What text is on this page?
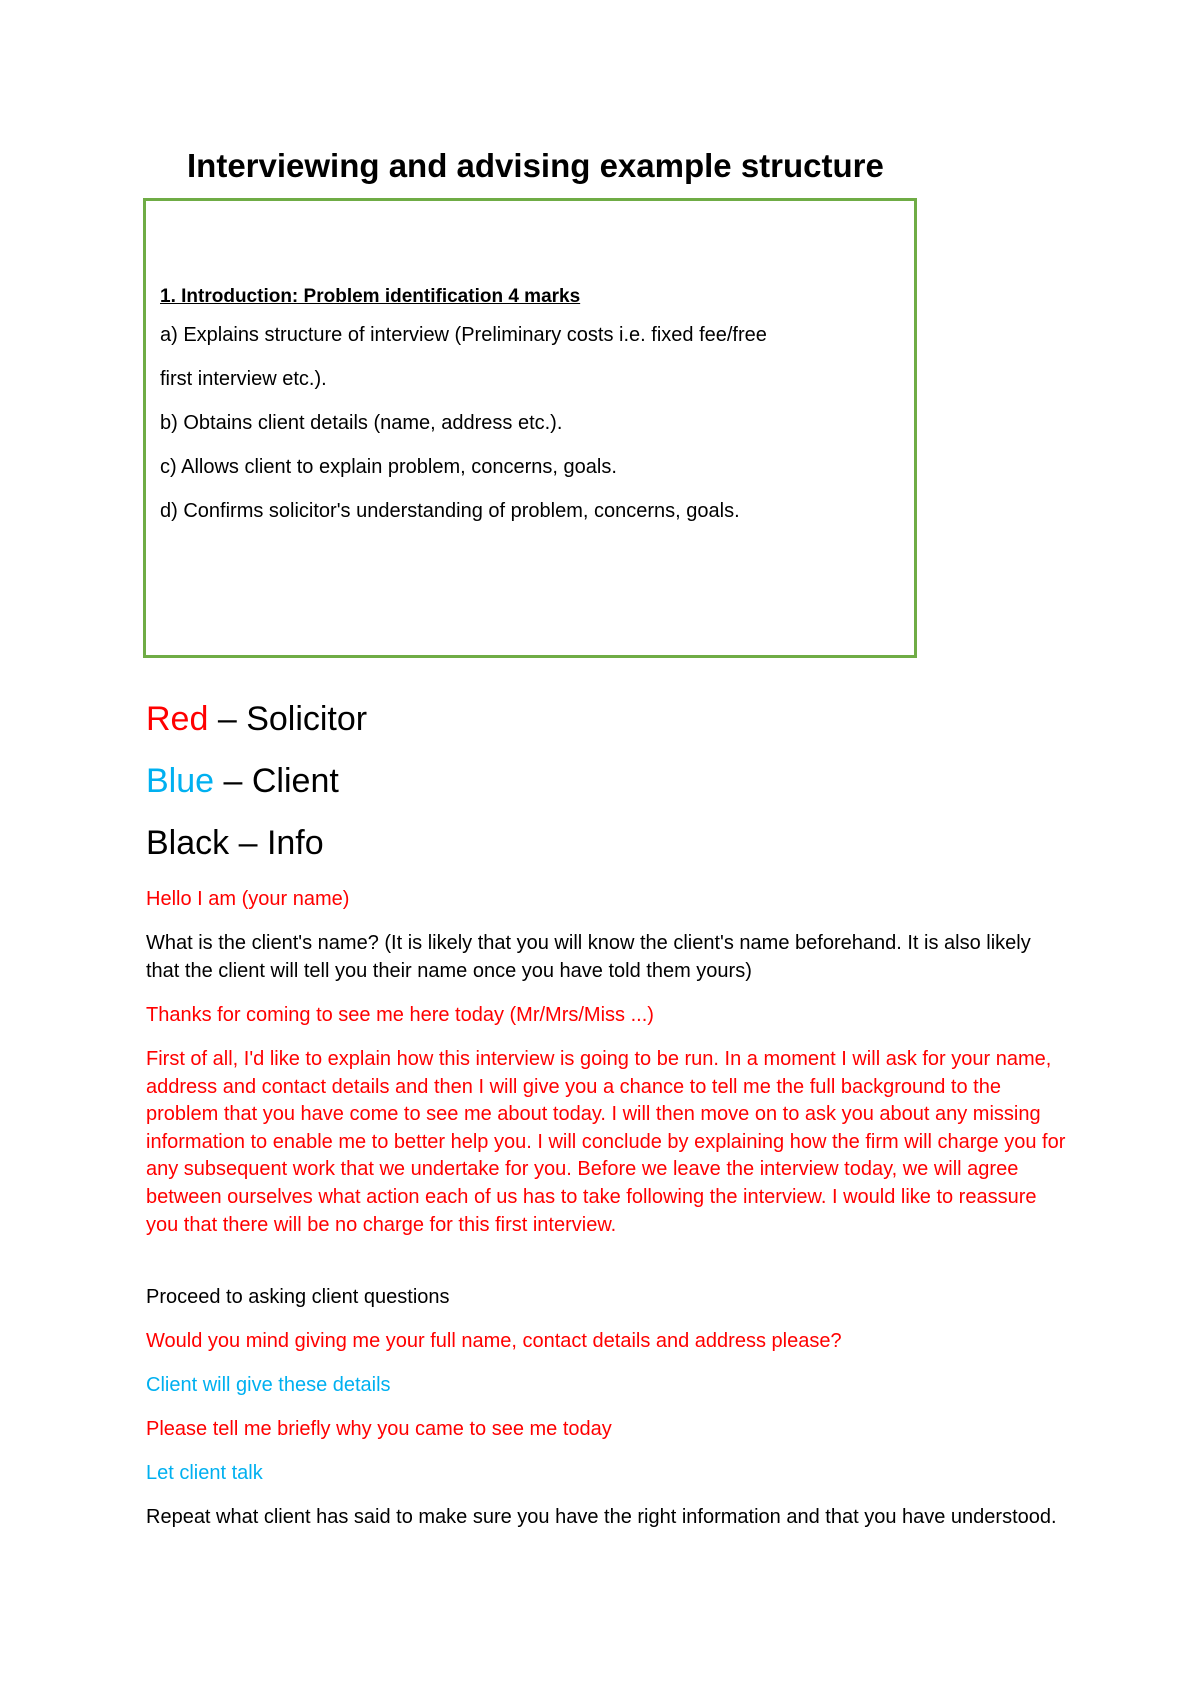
Interviewing and advising example structure

1. Introduction: Problem identification 4 marks

a) Explains structure of interview (Preliminary costs i.e. fixed fee/free

first interview etc.).

b) Obtains client details (name, address etc.).

c) Allows client to explain problem, concerns, goals.

d) Confirms solicitor's understanding of problem, concerns, goals.

Red – Solicitor

Blue – Client

Black – Info

Hello I am (your name)

What is the client's name? (It is likely that you will know the client's name beforehand. It is also likely that the client will tell you their name once you have told them yours)

Thanks for coming to see me here today (Mr/Mrs/Miss ...)

First of all, I'd like to explain how this interview is going to be run. In a moment I will ask for your name, address and contact details and then I will give you a chance to tell me the full background to the problem that you have come to see me about today. I will then move on to ask you about any missing information to enable me to better help you. I will conclude by explaining how the firm will charge you for any subsequent work that we undertake for you. Before we leave the interview today, we will agree between ourselves what action each of us has to take following the interview. I would like to reassure you that there will be no charge for this first interview.

Proceed to asking client questions

Would you mind giving me your full name, contact details and address please?

Client will give these details

Please tell me briefly why you came to see me today

Let client talk

Repeat what client has said to make sure you have the right information and that you have understood.
